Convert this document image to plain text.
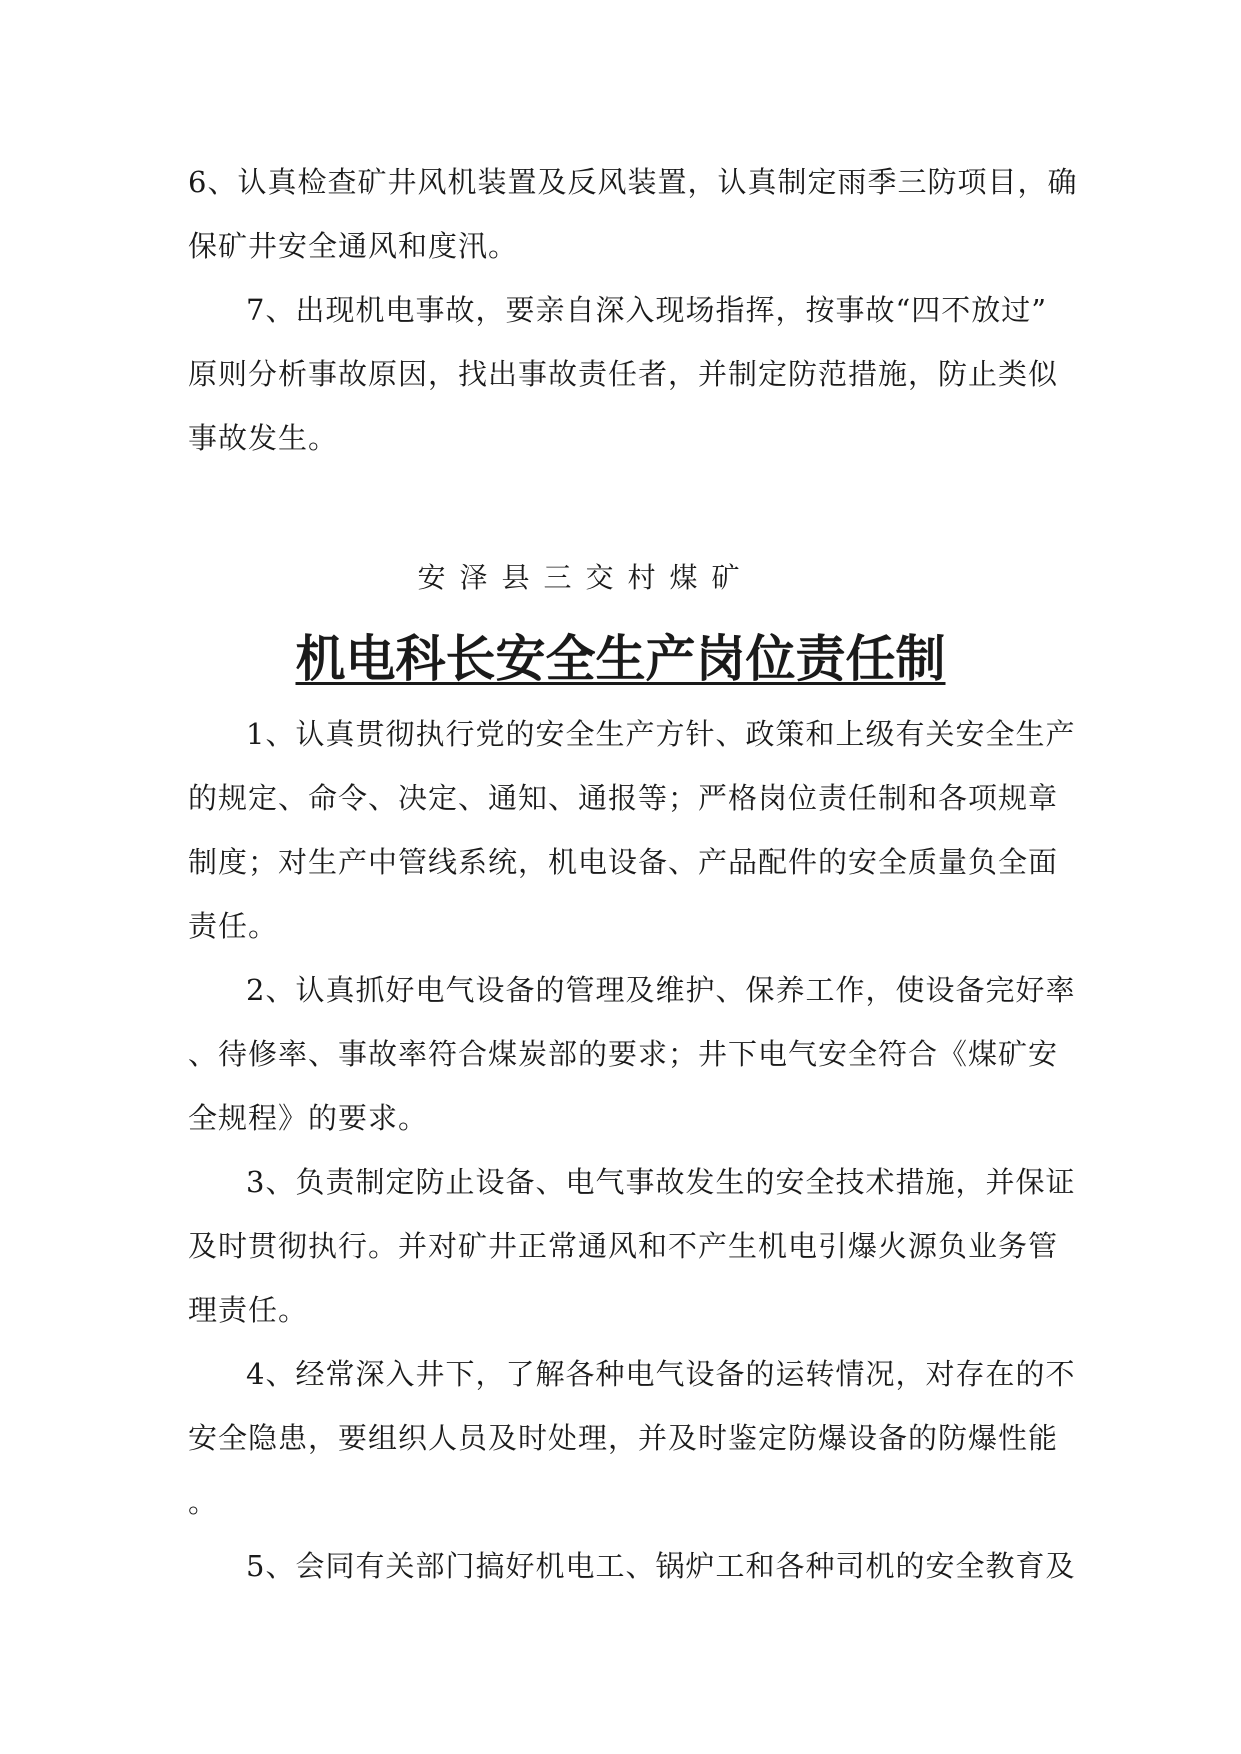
6、认真检查矿井风机装置及反风装置，认真制定雨季三防项目，确
保矿井安全通风和度汛。
7、出现机电事故，要亲自深入现场指挥，按事故“四不放过”
原则分析事故原因，找出事故责任者，并制定防范措施，防止类似
事故发生。
安泽县三交村煤矿
机电科长安全生产岗位责任制
1、认真贯彻执行党的安全生产方针、政策和上级有关安全生产
的规定、命令、决定、通知、通报等；严格岗位责任制和各项规章
制度；对生产中管线系统，机电设备、产品配件的安全质量负全面
责任。
2、认真抓好电气设备的管理及维护、保养工作，使设备完好率
、待修率、事故率符合煤炭部的要求；井下电气安全符合《煤矿安
全规程》的要求。
3、负责制定防止设备、电气事故发生的安全技术措施，并保证
及时贯彻执行。并对矿井正常通风和不产生机电引爆火源负业务管
理责任。
4、经常深入井下，了解各种电气设备的运转情况，对存在的不
安全隐患，要组织人员及时处理，并及时鉴定防爆设备的防爆性能
。
5、会同有关部门搞好机电工、锅炉工和各种司机的安全教育及
